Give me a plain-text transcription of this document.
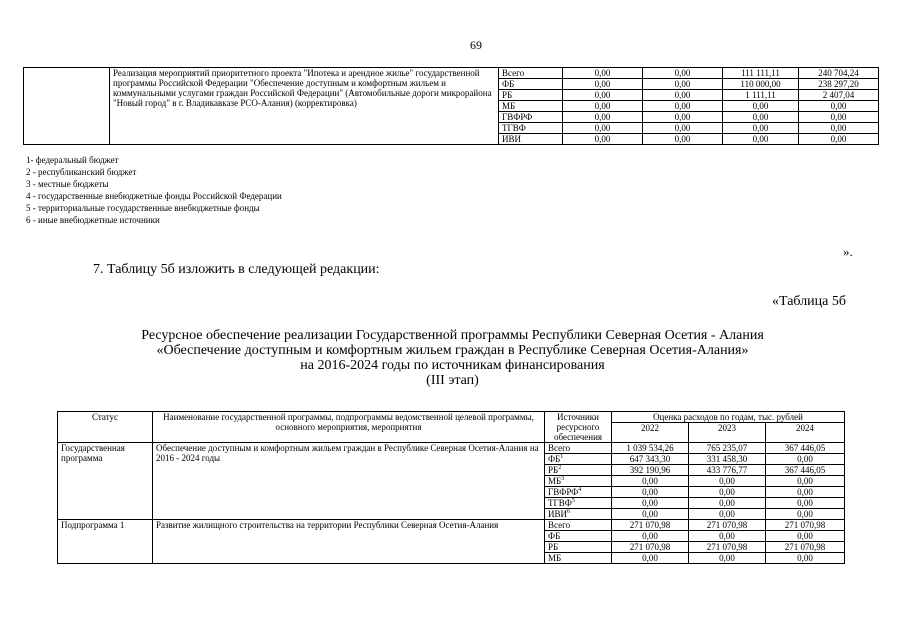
69
	Реализация мероприятий приоритетного проекта "Ипотека и арендное жилье" государственной программы Российской Федерации "Обеспечение доступным и комфортным жильем и коммунальными услугами граждан Российской Федерации" (Автомобильные дороги микрорайона "Новый город" в г. Владикавказе РСО-Алания) (корректировка)	Всего	0,00	0,00	111 111,11	240 704,24
		ФБ	0,00	0,00	110 000,00	238 297,20
		РБ	0,00	0,00	1 111,11	2 407,04
		МБ	0,00	0,00	0,00	0,00
		ГВФРФ	0,00	0,00	0,00	0,00
		ТГВФ	0,00	0,00	0,00	0,00
		ИВИ	0,00	0,00	0,00	0,00
1- федеральный бюджет
2 - республиканский бюджет
3 - местные бюджеты
4 - государственные внебюджетные фонды Российской Федерации
5 - территориальные государственные внебюджетные фонды
6 - иные внебюджетные источники
».
7. Таблицу 5б изложить в следующей редакции:
«Таблица 5б
Ресурсное обеспечение реализации Государственной программы Республики Северная Осетия - Алания
«Обеспечение доступным и комфортным жильем граждан в Республике Северная Осетия-Алания»
на 2016-2024 годы по источникам финансирования
(III этап)
Статус	Наименование государственной программы, подпрограммы ведомственной целевой программы, основного мероприятия, мероприятия	Источники ресурсного обеспечения	Оценка расходов по годам, тыс. рублей		
			2022	2023	2024

Государственная программа	Обеспечение доступным и комфортным жильем граждан в Республике Северная Осетия-Алания на 2016 - 2024 годы	Всего	1 039 534,26	765 235,07	367 446,05
		$ФБ^1$	647 343,30	331 458,30	0,00
		$РБ^2$	392 190,96	433 776,77	367 446,05
		$МБ^3$	0,00	0,00	0,00
		ГВФРФ$^4$	0,00	0,00	0,00
		ТГВФ$^5$	0,00	0,00	0,00
		ИВИ$^6$	0,00	0,00	0,00
Подпрограмма 1	Развитие жилищного строительства на территории Республики Северная Осетия-Алания	Всего	271 070,98	271 070,98	271 070,98
		ФБ	0,00	0,00	0,00
		РБ	271 070,98	271 070,98	271 070,98
		МБ	0,00	0,00	0,00
